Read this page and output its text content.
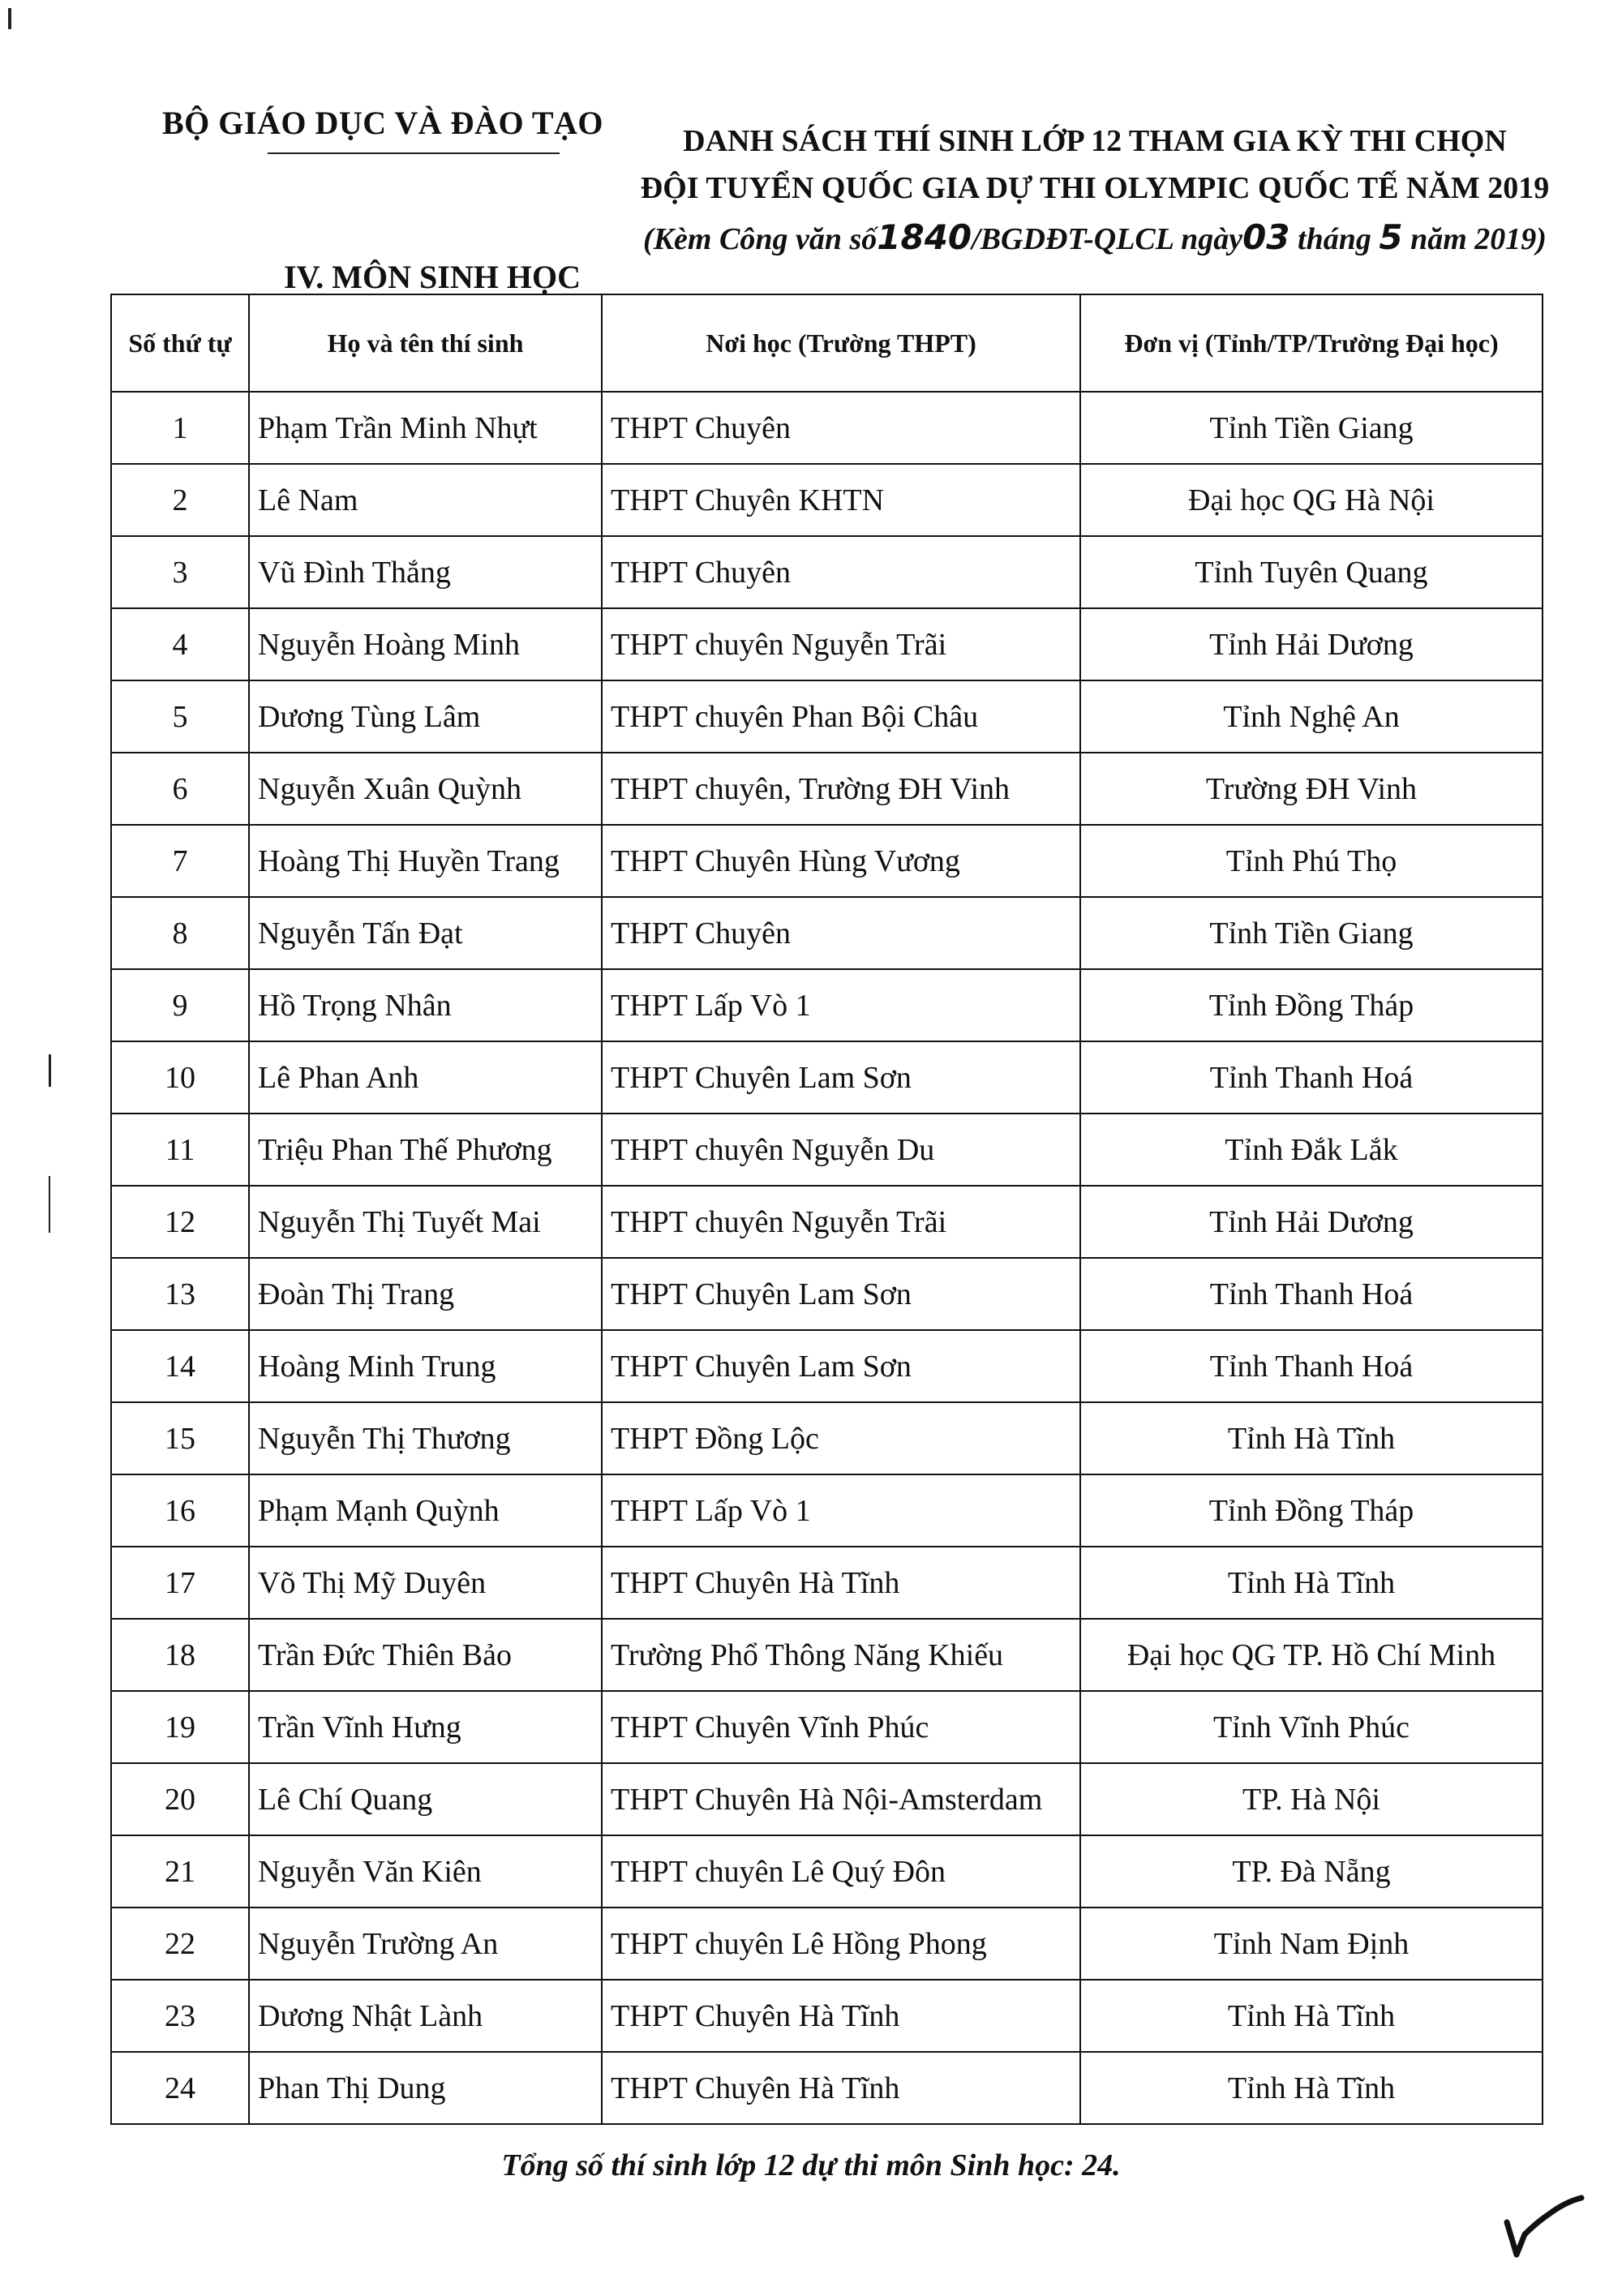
BỘ GIÁO DỤC VÀ ĐÀO TẠO	DANH SÁCH THÍ SINH LỚP 12 THAM GIA KỲ THI CHỌN
ĐỘI TUYỂN QUỐC GIA DỰ THI OLYMPIC QUỐC TẾ NĂM 2019
(Kèm Công văn số1840/BGDĐT-QLCL ngày03 tháng 5 năm 2019)
IV. MÔN SINH HỌC
Số thứ tự	Họ và tên thí sinh	Nơi học (Trường THPT)	Đơn vị (Tỉnh/TP/Trường Đại học)
1	Phạm Trần Minh Nhựt	THPT Chuyên	Tỉnh Tiền Giang
2	Lê Nam	THPT Chuyên KHTN	Đại học QG Hà Nội
3	Vũ Đình Thắng	THPT Chuyên	Tỉnh Tuyên Quang
4	Nguyễn Hoàng Minh	THPT chuyên Nguyễn Trãi	Tỉnh Hải Dương
5	Dương Tùng Lâm	THPT chuyên Phan Bội Châu	Tỉnh Nghệ An
6	Nguyễn Xuân Quỳnh	THPT chuyên, Trường ĐH Vinh	Trường ĐH Vinh
7	Hoàng Thị Huyền Trang	THPT Chuyên Hùng Vương	Tỉnh Phú Thọ
8	Nguyễn Tấn Đạt	THPT Chuyên	Tỉnh Tiền Giang
9	Hồ Trọng Nhân	THPT Lấp Vò 1	Tỉnh Đồng Tháp
10	Lê Phan Anh	THPT Chuyên Lam Sơn	Tỉnh Thanh Hoá
11	Triệu Phan Thế Phương	THPT chuyên Nguyễn Du	Tỉnh Đắk Lắk
12	Nguyễn Thị Tuyết Mai	THPT chuyên Nguyễn Trãi	Tỉnh Hải Dương
13	Đoàn Thị Trang	THPT Chuyên Lam Sơn	Tỉnh Thanh Hoá
14	Hoàng Minh Trung	THPT Chuyên Lam Sơn	Tỉnh Thanh Hoá
15	Nguyễn Thị Thương	THPT Đồng Lộc	Tỉnh Hà Tĩnh
16	Phạm Mạnh Quỳnh	THPT Lấp Vò 1	Tỉnh Đồng Tháp
17	Võ Thị Mỹ Duyên	THPT Chuyên Hà Tĩnh	Tỉnh Hà Tĩnh
18	Trần Đức Thiên Bảo	Trường Phổ Thông Năng Khiếu	Đại học QG TP. Hồ Chí Minh
19	Trần Vĩnh Hưng	THPT Chuyên Vĩnh Phúc	Tỉnh Vĩnh Phúc
20	Lê Chí Quang	THPT Chuyên Hà Nội-Amsterdam	TP. Hà Nội
21	Nguyễn Văn Kiên	THPT chuyên Lê Quý Đôn	TP. Đà Nẵng
22	Nguyễn Trường An	THPT chuyên Lê Hồng Phong	Tỉnh Nam Định
23	Dương Nhật Lành	THPT Chuyên Hà Tĩnh	Tỉnh Hà Tĩnh
24	Phan Thị Dung	THPT Chuyên Hà Tĩnh	Tỉnh Hà Tĩnh
Tổng số thí sinh lớp 12 dự thi môn Sinh học: 24.
